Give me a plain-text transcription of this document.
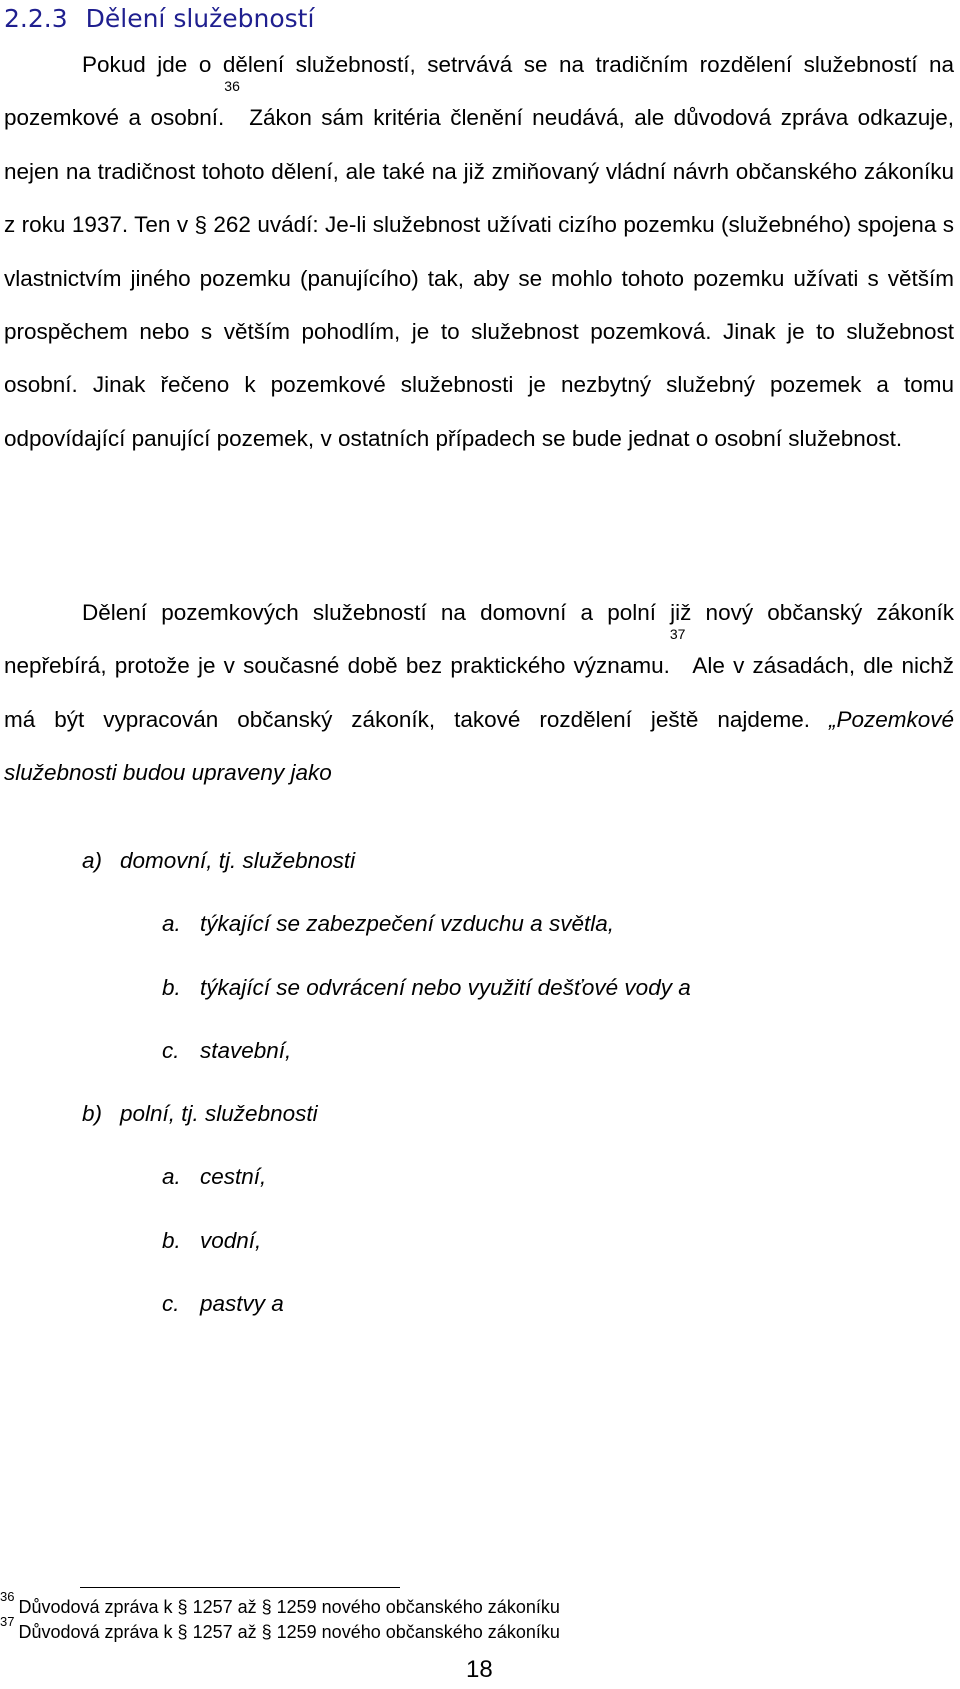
2.2.3 Dělení služebností

Pokud jde o dělení služebností, setrvává se na tradičním rozdělení služebností na pozemkové a osobní.$^{36}$ Zákon sám kritéria členění neudává, ale důvodová zpráva odkazuje, nejen na tradičnost tohoto dělení, ale také na již zmiňovaný vládní návrh občanského zákoníku z roku 1937. Ten v § 262 uvádí: Je-li služebnost užívati cizího pozemku (služebného) spojena s vlastnictvím jiného pozemku (panujícího) tak, aby se mohlo tohoto pozemku užívati s větším prospěchem nebo s větším pohodlím, je to služebnost pozemková. Jinak je to služebnost osobní. Jinak řečeno k pozemkové služebnosti je nezbytný služebný pozemek a tomu odpovídající panující pozemek, v ostatních případech se bude jednat o osobní služebnost.

Dělení pozemkových služebností na domovní a polní již nový občanský zákoník nepřebírá, protože je v současné době bez praktického významu.$^{37}$ Ale v zásadách, dle nichž má být vypracován občanský zákoník, takové rozdělení ještě najdeme. „Pozemkové služebnosti budou upraveny jako

a) domovní, tj. služebnosti
a. týkající se zabezpečení vzduchu a světla,
b. týkající se odvrácení nebo využití dešťové vody a
c. stavební,
b) polní, tj. služebnosti
a. cestní,
b. vodní,
c. pastvy a
$^{36}$Důvodová zpráva k § 1257 až § 1259 nového občanského zákoníku
$^{37}$Důvodová zpráva k § 1257 až § 1259 nového občanského zákoníku
18
